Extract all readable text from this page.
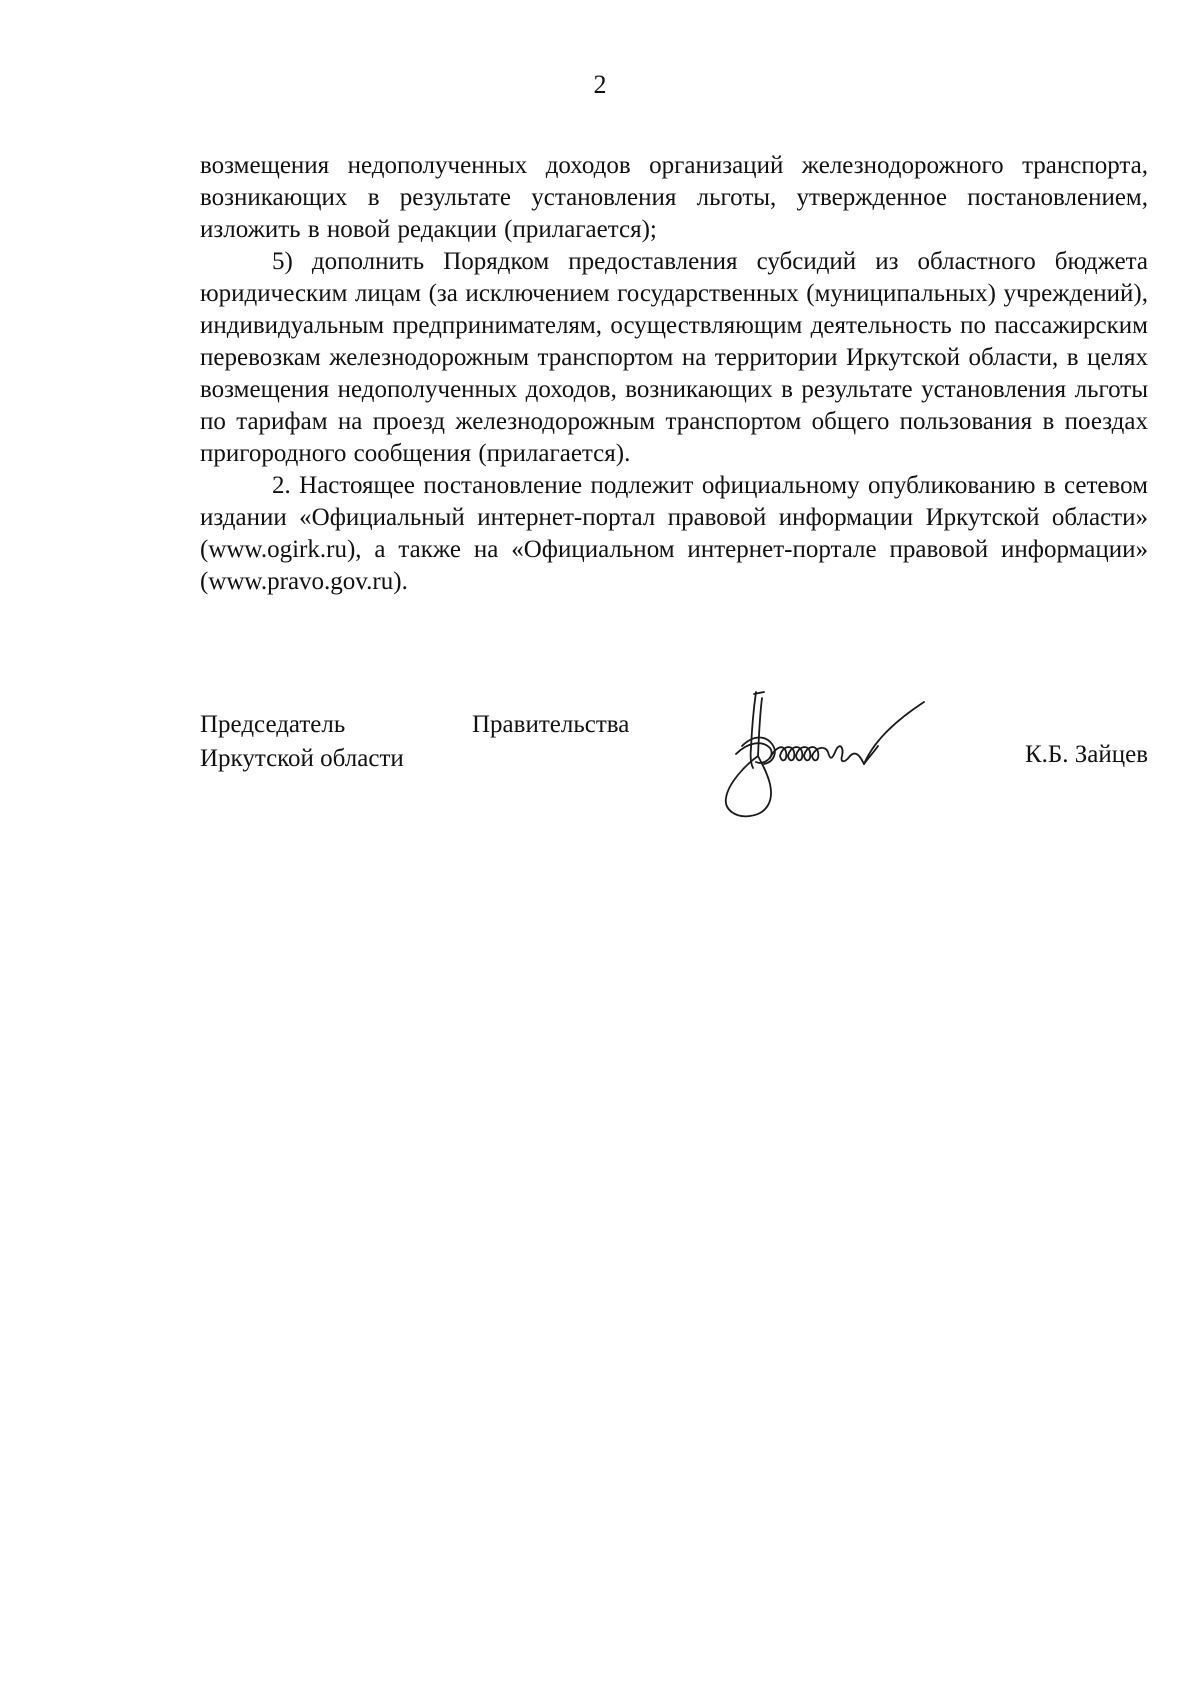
2

возмещения недополученных доходов организаций железнодорожного транспорта, возникающих в результате установления льготы, утвержденное постановлением, изложить в новой редакции (прилагается);

5) дополнить Порядком предоставления субсидий из областного бюджета юридическим лицам (за исключением государственных (муниципальных) учреждений), индивидуальным предпринимателям, осуществляющим деятельность по пассажирским перевозкам железнодорожным транспортом на территории Иркутской области, в целях возмещения недополученных доходов, возникающих в результате установления льготы по тарифам на проезд железнодорожным транспортом общего пользования в поездах пригородного сообщения (прилагается).

2. Настоящее постановление подлежит официальному опубликованию в сетевом издании «Официальный интернет-портал правовой информации Иркутской области» (www.ogirk.ru), а также на «Официальном интернет-портале правовой информации» (www.pravo.gov.ru).

Председатель	Правительства
Иркутской области	К.Б. Зайцев
